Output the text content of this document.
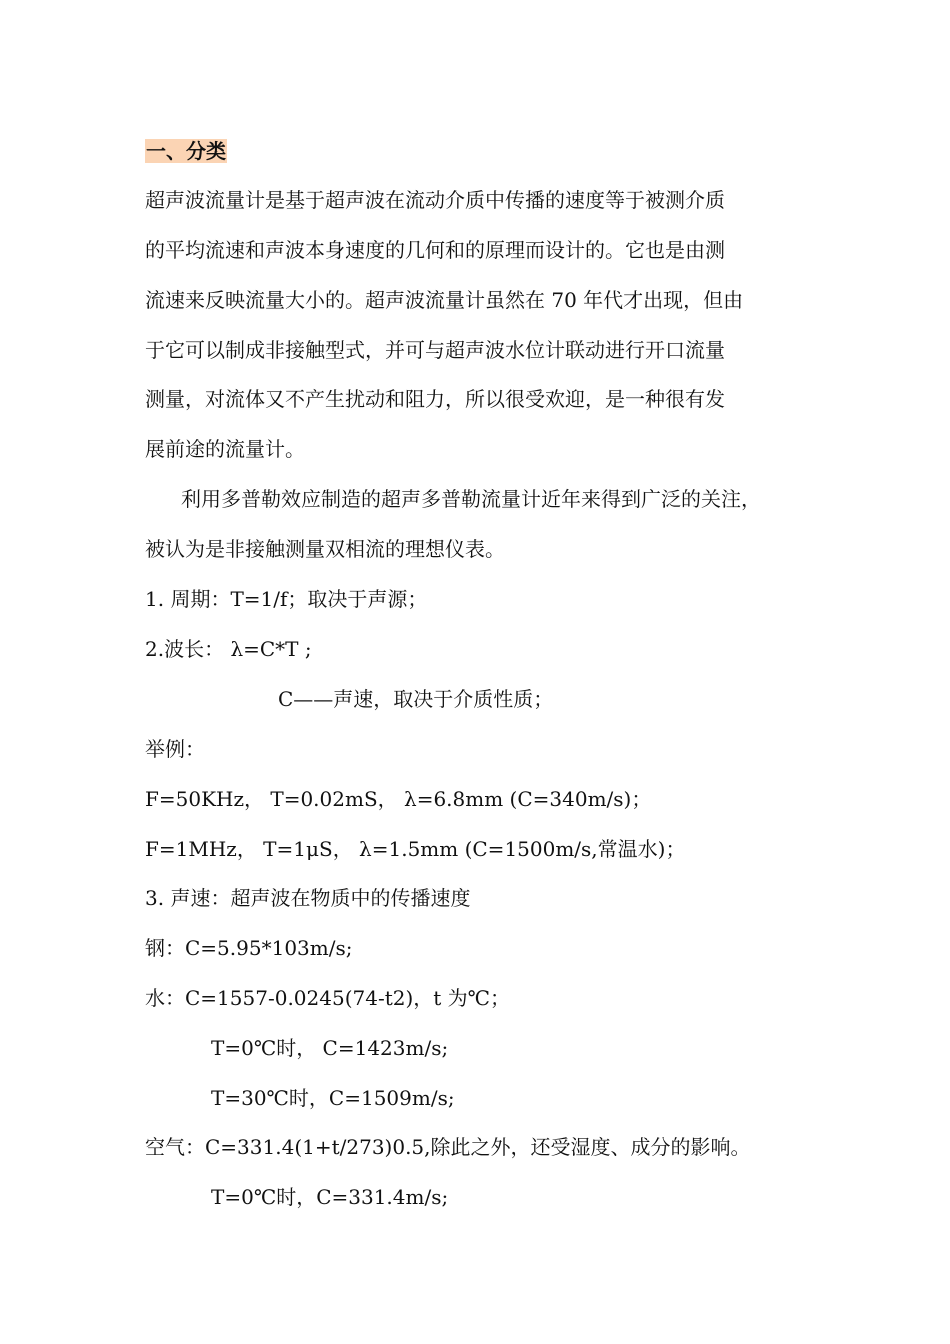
一、分类
超声波流量计是基于超声波在流动介质中传播的速度等于被测介质
的平均流速和声波本身速度的几何和的原理而设计的。它也是由测
流速来反映流量大小的。超声波流量计虽然在 70 年代才出现，但由
于它可以制成非接触型式，并可与超声波水位计联动进行开口流量
测量，对流体又不产生扰动和阻力，所以很受欢迎，是一种很有发
展前途的流量计。
利用多普勒效应制造的超声多普勒流量计近年来得到广泛的关注，
被认为是非接触测量双相流的理想仪表。
1. 周期：T=1/f；取决于声源；
2.波长： λ=C*T ;
C——声速，取决于介质性质；
举例：
F=50KHz， T=0.02mS， λ=6.8mm (C=340m/s)；
F=1MHz， T=1μS， λ=1.5mm (C=1500m/s,常温水)；
3. 声速：超声波在物质中的传播速度
钢：C=5.95*103m/s;
水：C=1557-0.0245(74-t2)，t 为℃；
T=0℃时， C=1423m/s;
T=30℃时，C=1509m/s;
空气：C=331.4(1+t/273)0.5,除此之外，还受湿度、成分的影响。
T=0℃时，C=331.4m/s;
